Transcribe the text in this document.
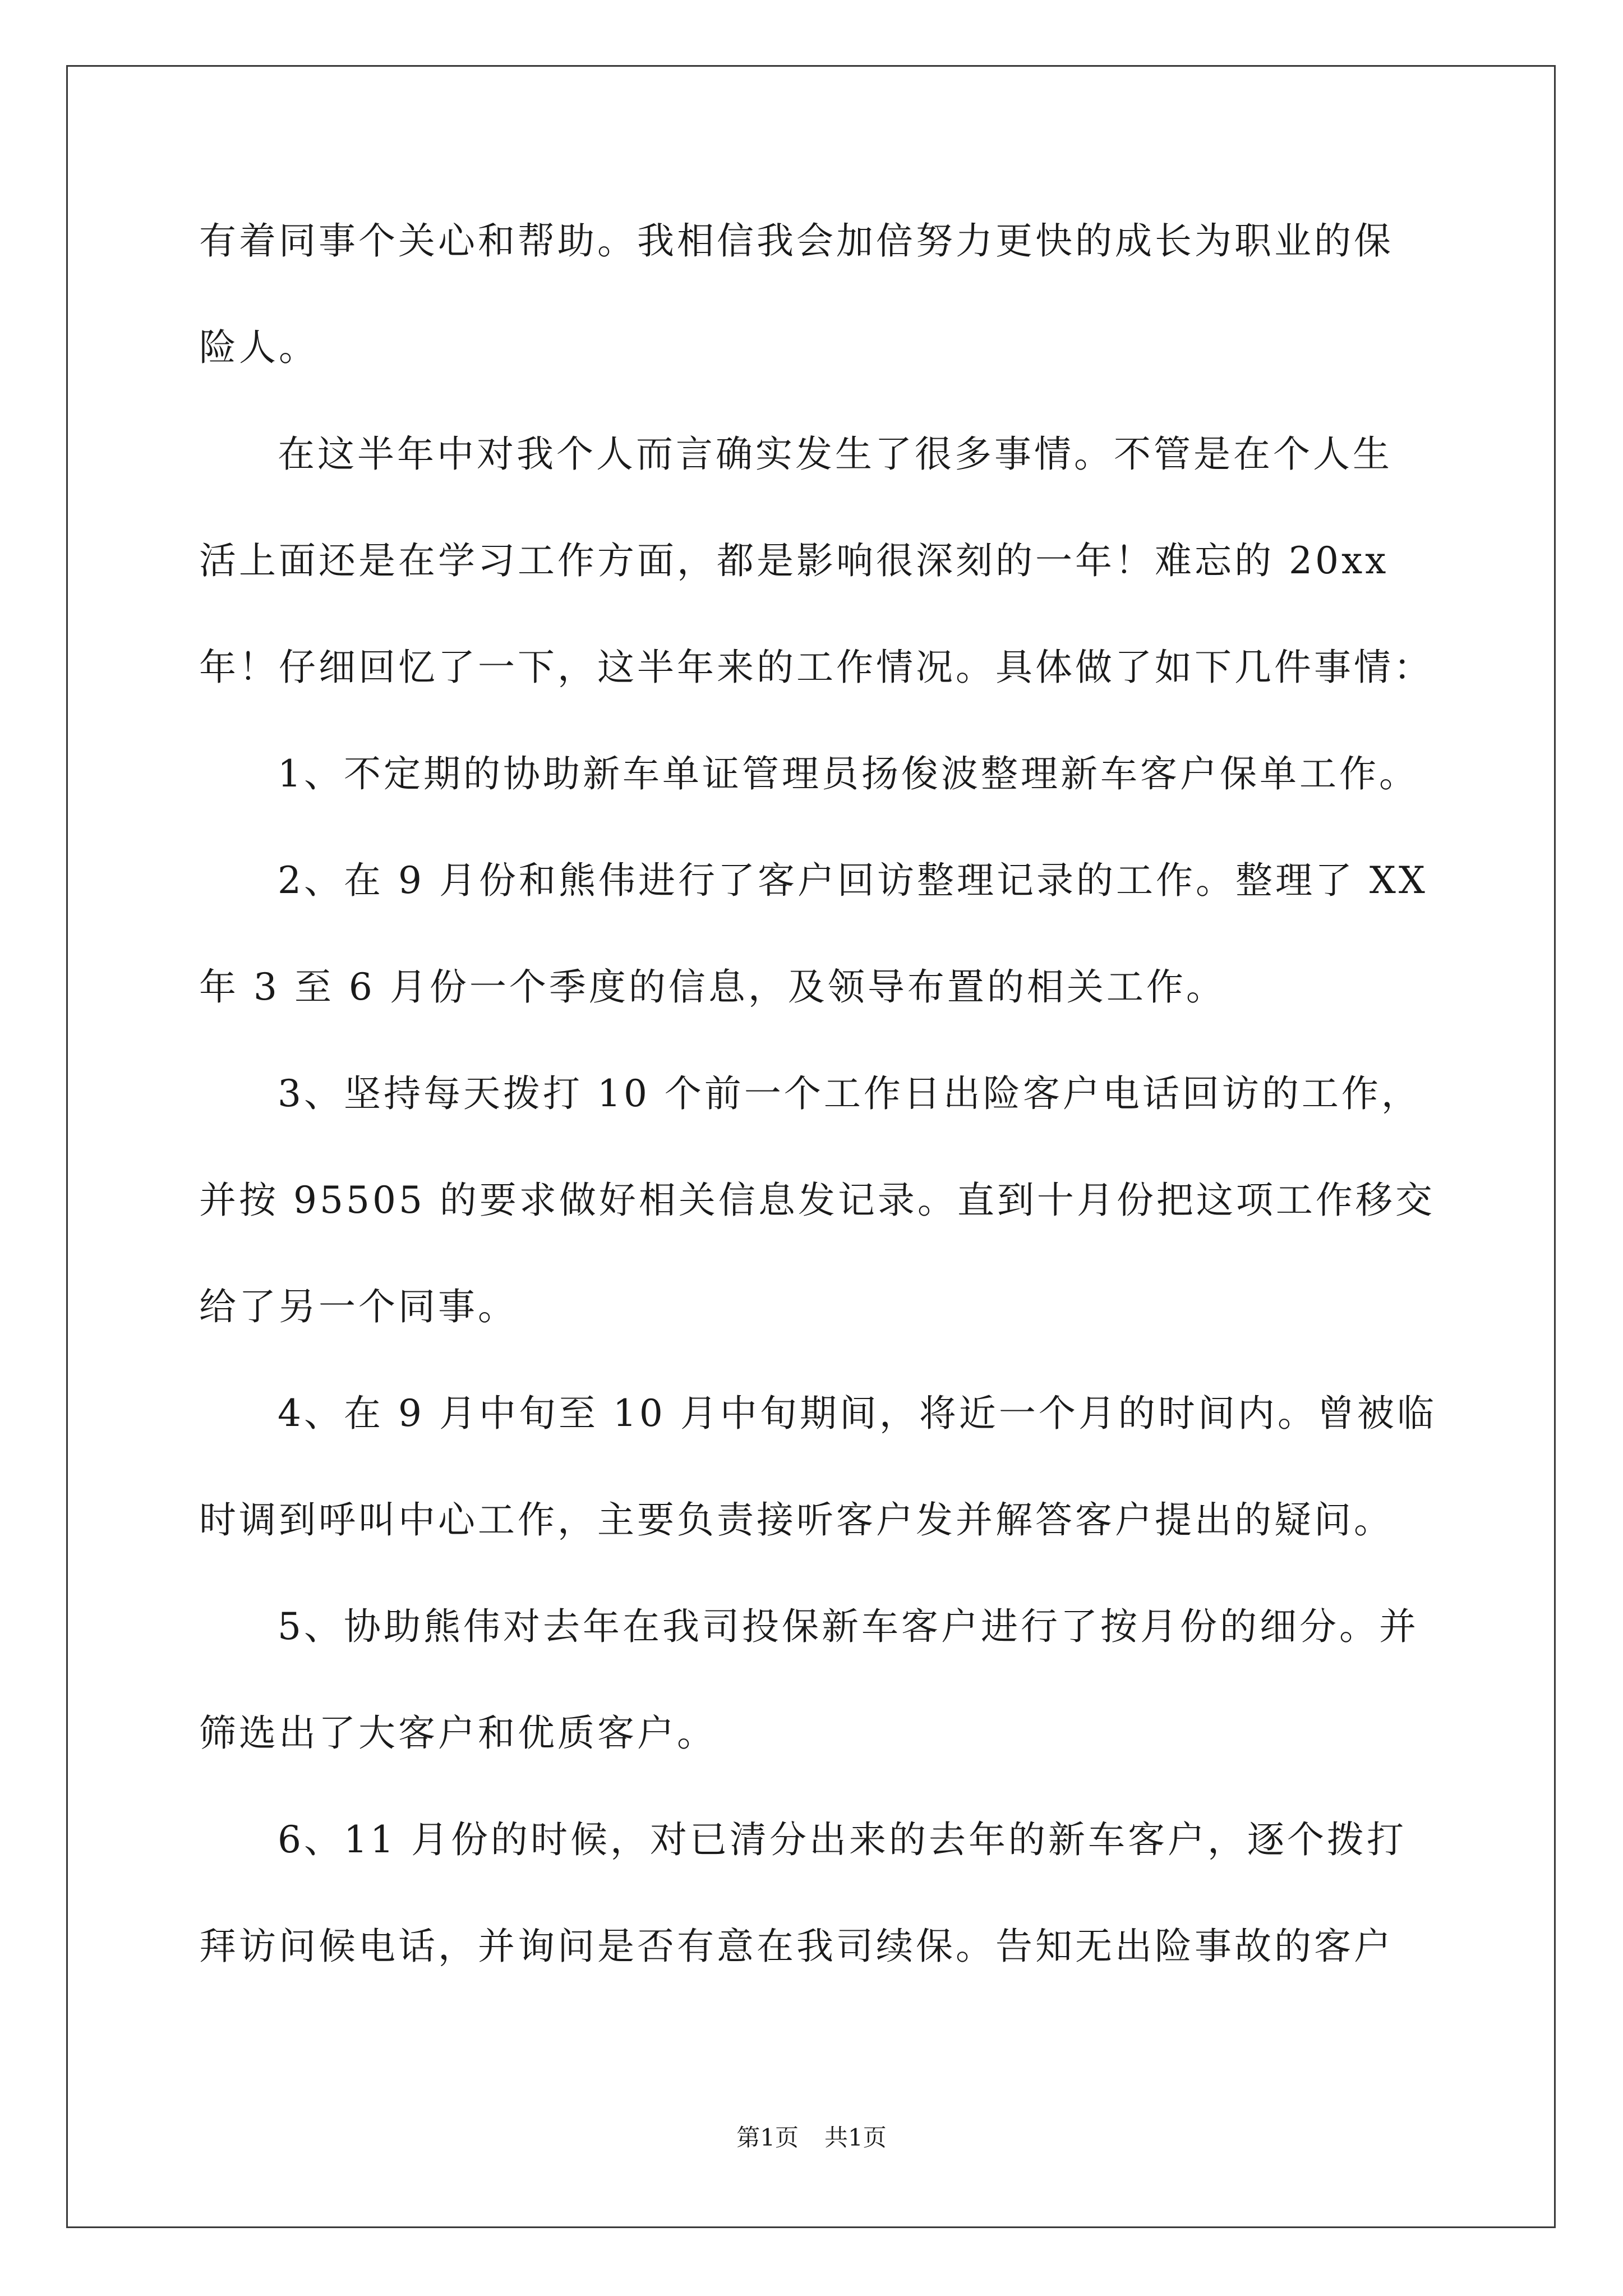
有着同事个关心和帮助。我相信我会加倍努力更快的成长为职业的保
险人。
在这半年中对我个人而言确实发生了很多事情。不管是在个人生
活上面还是在学习工作方面，都是影响很深刻的一年！难忘的 20xx
年！仔细回忆了一下，这半年来的工作情况。具体做了如下几件事情：
1、不定期的协助新车单证管理员扬俊波整理新车客户保单工作。
2、在 9 月份和熊伟进行了客户回访整理记录的工作。整理了 XX
年 3 至 6 月份一个季度的信息，及领导布置的相关工作。
3、坚持每天拨打 10 个前一个工作日出险客户电话回访的工作，
并按 95505 的要求做好相关信息发记录。直到十月份把这项工作移交
给了另一个同事。
4、在 9 月中旬至 10 月中旬期间，将近一个月的时间内。曾被临
时调到呼叫中心工作，主要负责接听客户发并解答客户提出的疑问。
5、协助熊伟对去年在我司投保新车客户进行了按月份的细分。并
筛选出了大客户和优质客户。
6、11 月份的时候，对已清分出来的去年的新车客户，逐个拨打
拜访问候电话，并询问是否有意在我司续保。告知无出险事故的客户
第1页 共1页
